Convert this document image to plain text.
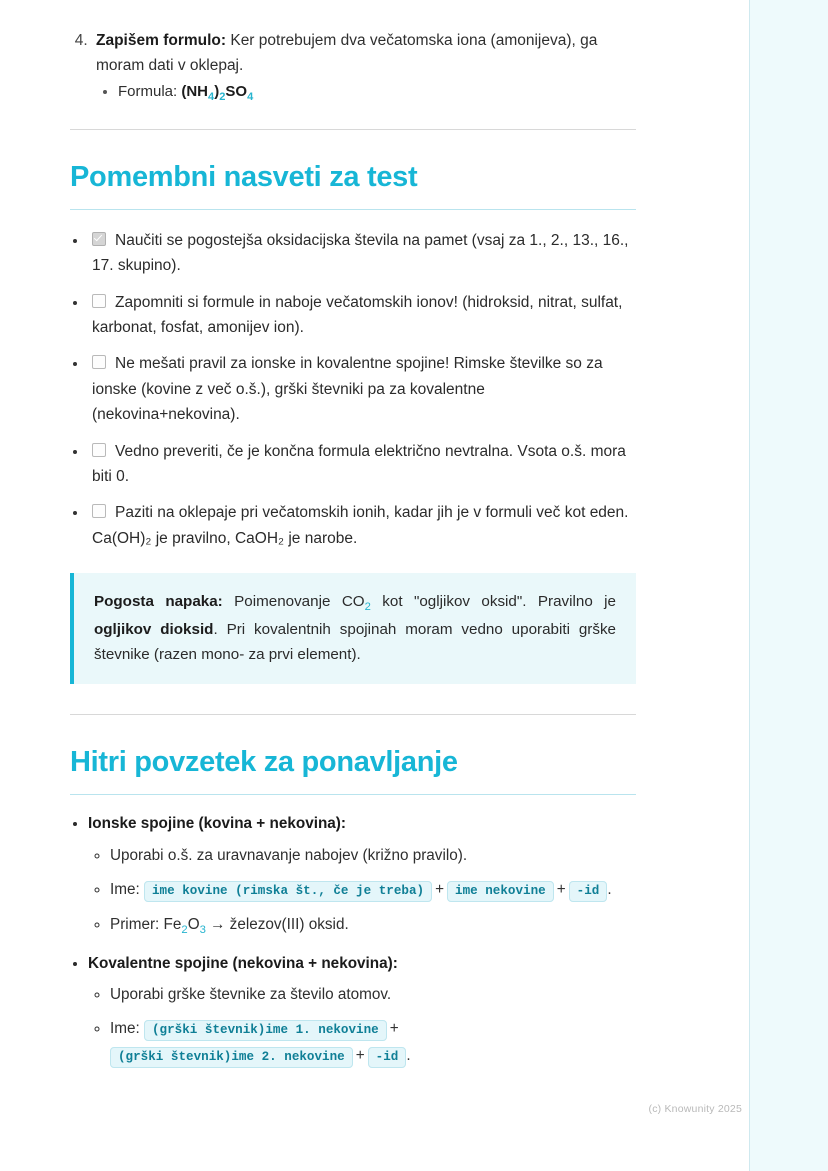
4. Zapišem formulo: Ker potrebujem dva večatomska iona (amonijeva), ga moram dati v oklepaj.
• Formula: $(NH_4)_2SO_4$
Pomembni nasveti za test
• Naučiti se pogostejša oksidacijska števila na pamet (vsaj za 1., 2., 13., 16., 17. skupino).
• Zapomniti si formule in naboje večatomskih ionov! (hidroksid, nitrat, sulfat, karbonat, fosfat, amonijev ion).
• Ne mešati pravil za ionske in kovalentne spojine! Rimske številke so za ionske (kovine z več o.š.), grški števniki pa za kovalentne (nekovina+nekovina).
• Vedno preveriti, če je končna formula električno nevtralna. Vsota o.š. mora biti 0.
• Paziti na oklepaje pri večatomskih ionih, kadar jih je v formuli več kot eden. Ca(OH)₂ je pravilno, CaOH₂ je narobe.
Pogosta napaka: Poimenovanje $CO_2$ kot "ogljikov oksid". Pravilno je ogljikov dioksid. Pri kovalentnih spojinah moram vedno uporabiti grške števnike (razen mono- za prvi element).
Hitri povzetek za ponavljanje
• Ionske spojine (kovina + nekovina):
◦ Uporabi o.š. za uravnavanje nabojev (križno pravilo).
◦ Ime: ime kovine (rimska št., če je treba) + ime nekovine + -id .
◦ Primer: $Fe_2O_3$ → železov(III) oksid.
• Kovalentne spojine (nekovina + nekovina):
◦ Uporabi grške števnike za število atomov.
◦ Ime: (grški števnik)ime 1. nekovine +(grški števnik)ime 2. nekovine + -id .
(c) Knowunity 2025
